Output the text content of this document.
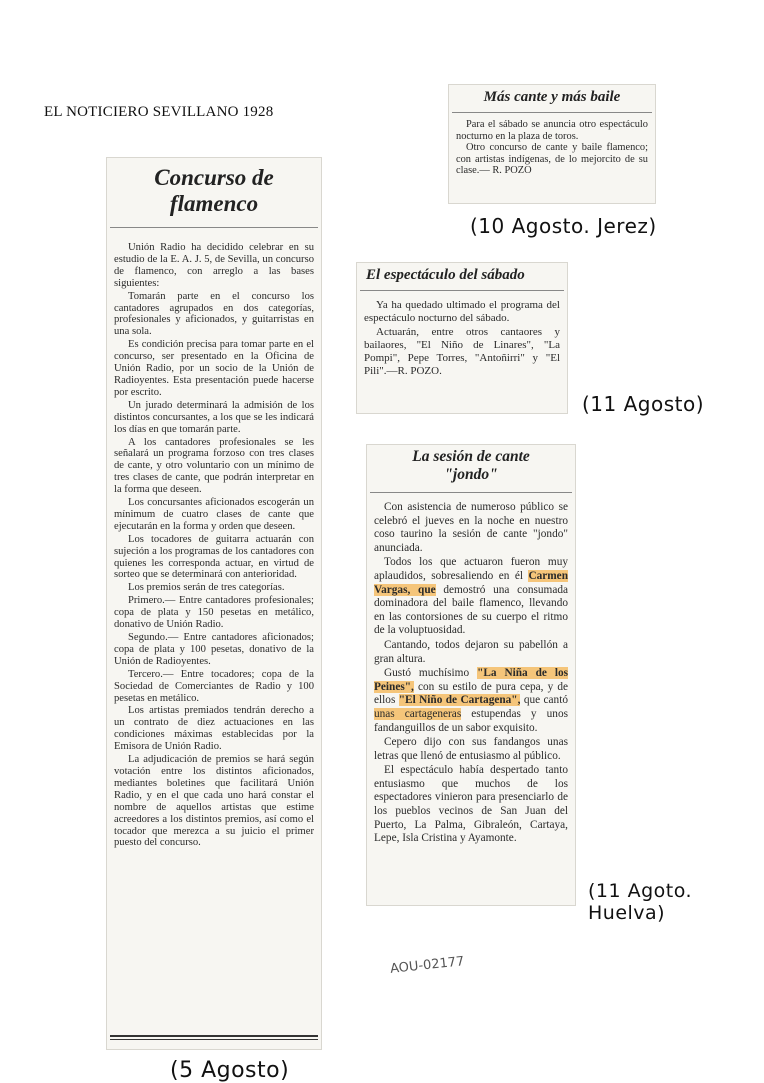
EL NOTICIERO SEVILLANO 1928
Concurso de flamenco

Unión Radio ha decidido celebrar en su estudio de la E. A. J. 5, de Sevilla, un concurso de flamenco, con arreglo a las bases siguientes:

Tomarán parte en el concurso los cantadores agrupados en dos categorías, profesionales y aficionados, y guitarristas en una sola.

Es condición precisa para tomar parte en el concurso, ser presentado en la Oficina de Unión Radio, por un socio de la Unión de Radioyentes. Esta presentación puede hacerse por escrito.

Un jurado determinará la admisión de los distintos concursantes, a los que se les indicará los días en que tomarán parte.

A los cantadores profesionales se les señalará un programa forzoso con tres clases de cante, y otro voluntario con un mínimo de tres clases de cante, que podrán interpretar en la forma que deseen.

Los concursantes aficionados escogerán un mínimum de cuatro clases de cante que ejecutarán en la forma y orden que deseen.

Los tocadores de guitarra actuarán con sujeción a los programas de los cantadores con quienes les corresponda actuar, en virtud de sorteo que se determinará con anterioridad.

Los premios serán de tres categorías.

Primero.— Entre cantadores profesionales; copa de plata y 150 pesetas en metálico, donativo de Unión Radio.

Segundo.— Entre cantadores aficionados; copa de plata y 100 pesetas, donativo de la Unión de Radioyentes.

Tercero.— Entre tocadores; copa de la Sociedad de Comerciantes de Radio y 100 pesetas en metálico.

Los artistas premiados tendrán derecho a un contrato de diez actuaciones en las condiciones máximas establecidas por la Emisora de Unión Radio.

La adjudicación de premios se hará según votación entre los distintos aficionados, mediantes boletines que facilitará Unión Radio, y en el que cada uno hará constar el nombre de aquellos artistas que estime acreedores a los distintos premios, así como el tocador que merezca a su juicio el primer puesto del concurso.

(5 Agosto)
Más cante y más baile

Para el sábado se anuncia otro espectáculo nocturno en la plaza de toros.

Otro concurso de cante y baile flamenco; con artistas indígenas, de lo mejorcito de su clase.— R. POZO

(10 Agosto. Jerez)
El espectáculo del sábado

Ya ha quedado ultimado el programa del espectáculo nocturno del sábado.

Actuarán, entre otros cantaores y bailaores, "El Niño de Linares", "La Pompi", Pepe Torres, "Antoñirri" y "El Pili".—R. POZO.

(11 Agosto)
La sesión de cante
"jondo"

Con asistencia de numeroso público se celebró el jueves en la noche en nuestro coso taurino la sesión de cante "jondo" anunciada.

Todos los que actuaron fueron muy aplaudidos, sobresaliendo en él Carmen Vargas, que demostró una consumada dominadora del baile flamenco, llevando en las contorsiones de su cuerpo el ritmo de la voluptuosidad.

Cantando, todos dejaron su pabellón a gran altura.

Gustó muchísimo "La Niña de los Peines", con su estilo de pura cepa, y de ellos "El Niño de Cartagena", que cantó unas cartageneras estupendas y unos fandanguillos de un sabor exquisito.

Cepero dijo con sus fandangos unas letras que llenó de entusiasmo al público.

El espectáculo había despertado tanto entusiasmo que muchos de los espectadores vinieron para presenciarlo de los pueblos vecinos de San Juan del Puerto, La Palma, Gibraleón, Cartaya, Lepe, Isla Cristina y Ayamonte.

(11 Agoto. Huelva)
AOU-02177
